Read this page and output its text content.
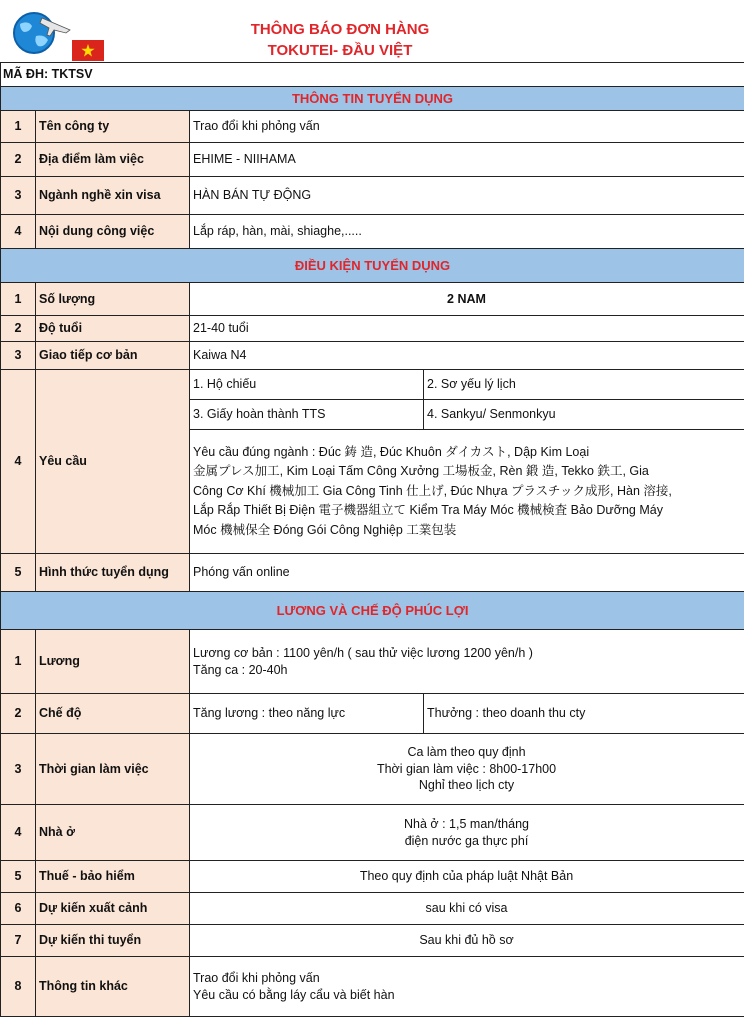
THÔNG BÁO ĐƠN HÀNG
TOKUTEI- ĐẦU VIỆT
MÃ ĐH: TKTSV			
THÔNG TIN TUYỂN DỤNG			
1	Tên công ty	Trao đổi khi phỏng vấn	
2	Địa điểm làm việc	EHIME - NIIHAMA	
3	Ngành nghề xin visa	HÀN BÁN TỰ ĐỘNG	
4	Nội dung công việc	Lắp ráp, hàn, mài, shiaghe,.....	
ĐIỀU KIỆN TUYỂN DỤNG			
1	Số lượng	2 NAM	
2	Độ tuổi	21-40 tuổi	
3	Giao tiếp cơ bản	Kaiwa N4	
4	Yêu cầu	1. Hộ chiếu	2. Sơ yếu lý lịch
		3. Giấy hoàn thành TTS	4. Sankyu/ Senmonkyu

		Yêu cầu đúng ngành : Đúc 鋳 造, Đúc Khuôn ダイカスト, Dập Kim Loại
金属プレス加工, Kim Loại Tấm Công Xưởng 工場板金, Rèn 鍛 造, Tekko 鉄工, Gia
Công Cơ Khí 機械加工 Gia Công Tinh 仕上げ, Đúc Nhựa プラスチック成形, Hàn 溶接,
Lắp Rắp Thiết Bị Điện 電子機器組立て Kiểm Tra Máy Móc 機械検査 Bảo Dưỡng Máy
Móc 機械保全 Đóng Gói Công Nghiệp 工業包装	

5	Hình thức tuyển dụng	Phóng vấn online	
LƯƠNG VÀ CHẾ ĐỘ PHÚC LỢI			
1	Lương	Lương cơ bản : 1100 yên/h ( sau thử việc lương 1200 yên/h )
Tăng ca : 20-40h	

2	Chế độ	Tăng lương : theo năng lực	Thưởng : theo doanh thu cty
3	Thời gian làm việc	Ca làm theo quy định
Thời gian làm việc : 8h00-17h00
Nghỉ theo lịch cty	

4	Nhà ở	Nhà ở : 1,5 man/tháng
điện nước ga thực phí	

5	Thuế - bảo hiểm	Theo quy định của pháp luật Nhật Bản	
6	Dự kiến xuất cảnh	sau khi có visa	
7	Dự kiến thi tuyển	Sau khi đủ hồ sơ	
8	Thông tin khác	Trao đổi khi phỏng vấn
Yêu cầu có bằng láy cẩu và biết hàn	
